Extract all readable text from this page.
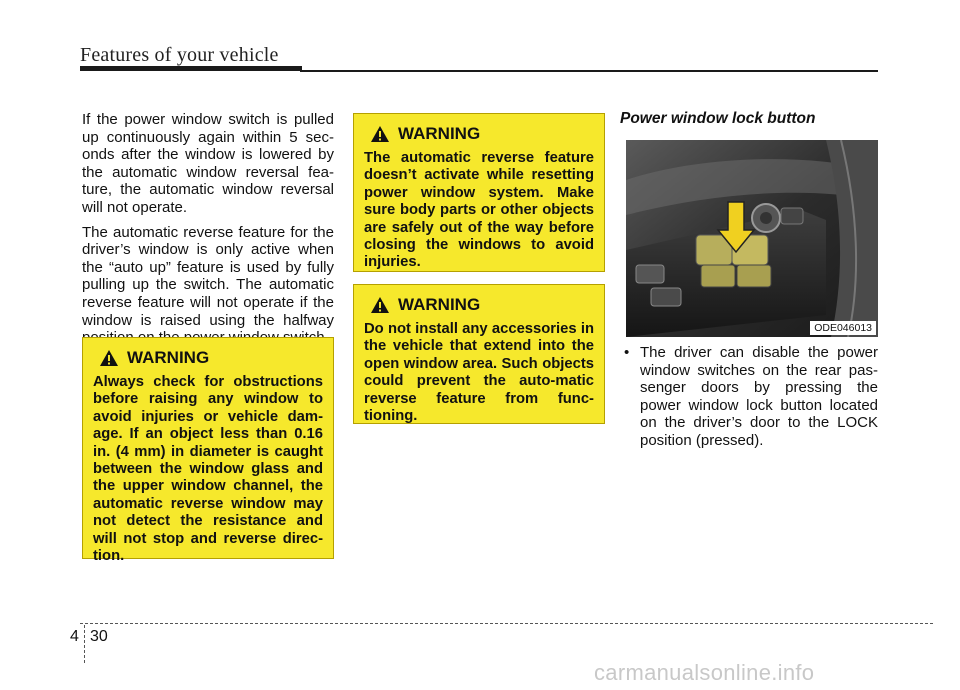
Features of your vehicle

If the power window switch is pulled up continuously again within 5 sec-onds after the window is lowered by the automatic window reversal fea-ture, the automatic window reversal will not operate.

The automatic reverse feature for the driver’s window is only active when the “auto up” feature is used by fully pulling up the switch. The automatic reverse feature will not operate if the window is raised using the halfway

WARNING
Always check for obstructions before raising any window to avoid injuries or vehicle dam-age. If an object less than 0.16 in. (4 mm) in diameter is caught between the window glass and the upper window channel, the automatic reverse window may not detect the resistance and will not stop and reverse direc-tion.
WARNING
The automatic reverse feature doesn’t activate while resetting power window system. Make sure body parts or other objects are safely out of the way before closing the windows to avoid injuries.
WARNING
Do not install any accessories in the vehicle that extend into the open window area. Such objects could prevent the auto-matic reverse feature from func-tioning.
Power window lock button
ODE046013
• The driver can disable the power window switches on the rear pas-senger doors by pressing the power window lock button located on the driver’s door to the LOCK position (pressed).
4 30
carmanualsonline.info
